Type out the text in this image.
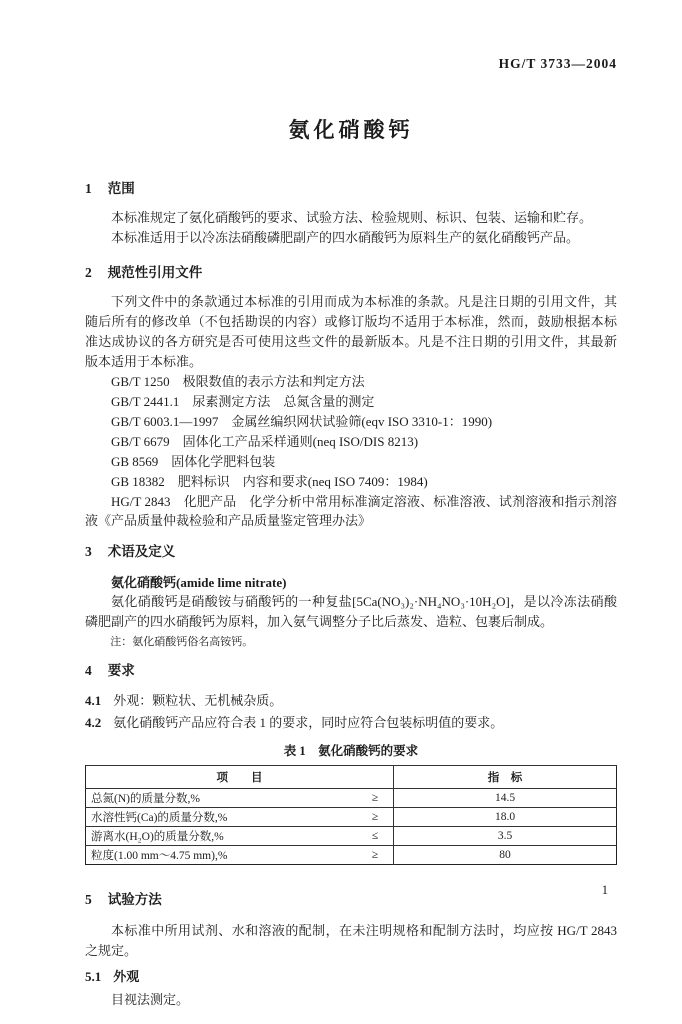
HG/T 3733—2004
氨化硝酸钙
1 范围
本标准规定了氨化硝酸钙的要求、试验方法、检验规则、标识、包装、运输和贮存。
本标准适用于以冷冻法硝酸磷肥副产的四水硝酸钙为原料生产的氨化硝酸钙产品。
2 规范性引用文件
下列文件中的条款通过本标准的引用而成为本标准的条款。凡是注日期的引用文件，其随后所有的修改单（不包括勘误的内容）或修订版均不适用于本标准，然而，鼓励根据本标准达成协议的各方研究是否可使用这些文件的最新版本。凡是不注日期的引用文件，其最新版本适用于本标准。
GB/T 1250　极限数值的表示方法和判定方法
GB/T 2441.1　尿素测定方法　总氮含量的测定
GB/T 6003.1—1997　金属丝编织网状试验筛(eqv ISO 3310-1：1990)
GB/T 6679　固体化工产品采样通则(neq ISO/DIS 8213)
GB 8569　固体化学肥料包装
GB 18382　肥料标识　内容和要求(neq ISO 7409：1984)
HG/T 2843　化肥产品　化学分析中常用标准滴定溶液、标准溶液、试剂溶液和指示剂溶液《产品质量仲裁检验和产品质量鉴定管理办法》
3 术语及定义
氨化硝酸钙(amide lime nitrate)
氨化硝酸钙是硝酸铵与硝酸钙的一种复盐[5Ca(NO₃)₂·NH₄NO₃·10H₂O]，是以冷冻法硝酸磷肥副产的四水硝酸钙为原料，加入氨气调整分子比后蒸发、造粒、包裹后制成。
注：氨化硝酸钙俗名高铵钙。
4 要求
4.1 外观：颗粒状、无机械杂质。
4.2 氨化硝酸钙产品应符合表 1 的要求，同时应符合包装标明值的要求。
表 1　氨化硝酸钙的要求
项        目		指    标
总氮(N)的质量分数,%	≥	14.5
水溶性钙(Ca)的质量分数,%	≥	18.0
游离水(H₂O)的质量分数,%	≤	3.5
粒度(1.00 mm～4.75 mm),%	≥	80
5 试验方法
本标准中所用试剂、水和溶液的配制，在未注明规格和配制方法时，均应按 HG/T 2843 之规定。
5.1 外观
目视法测定。
1
